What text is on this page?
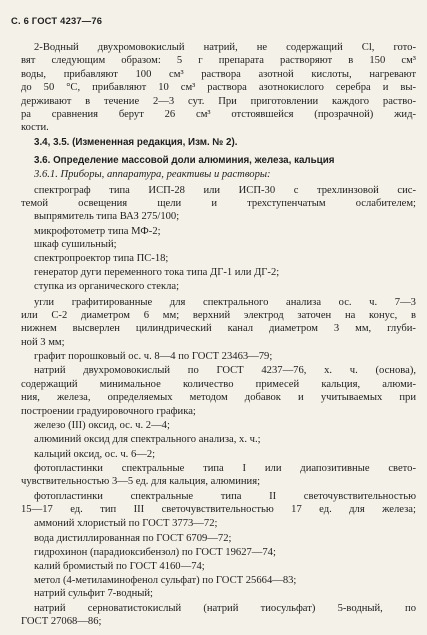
С. 6 ГОСТ 4237—76

2-Водный двухромовокислый натрий, не содержащий Cl, гото-

вят следующим образом: 5 г препарата растворяют в 150 см³

воды, прибавляют 100 см³ раствора азотной кислоты, нагревают

до 50 °С, прибавляют 10 см³ раствора азотнокислого серебра и вы-

держивают в течение 2—3 сут. При приготовлении каждого раство-

ра сравнения берут 26 см³ отстоявшейся (прозрачной) жид-

кости.

3.4, 3.5. (Измененная редакция, Изм. № 2).

3.6. Определение массовой доли алюминия, железа, кальция

3.6.1. Приборы, аппаратура, реактивы и растворы:

спектрограф типа ИСП-28 или ИСП-30 с трехлинзовой сис-

темой освещения щели и трехступенчатым ослабителем;

выпрямитель типа ВАЗ 275/100;

микрофотометр типа МФ-2;

шкаф сушильный;

спектропроектор типа ПС-18;

генератор дуги переменного тока типа ДГ-1 или ДГ-2;

ступка из органического стекла;

угли графитированные для спектрального анализа ос. ч. 7—3

или С-2 диаметром 6 мм; верхний электрод заточен на конус, в

нижнем высверлен цилиндрический канал диаметром 3 мм, глуби-

ной 3 мм;

графит порошковый ос. ч. 8—4 по ГОСТ 23463—79;

натрий двухромовокислый по ГОСТ 4237—76, х. ч. (основа),

содержащий минимальное количество примесей кальция, алюми-

ния, железа, определяемых методом добавок и учитываемых при

построении градуировочного графика;

железо (III) оксид, ос. ч. 2—4;

алюминий оксид для спектрального анализа, х. ч.;

кальций оксид, ос. ч. 6—2;

фотопластинки спектральные типа I или диапозитивные свето-

чувствительностью 3—5 ед. для кальция, алюминия;

фотопластинки спектральные типа II светочувствительностью

15—17 ед. тип III светочувствительностью 17 ед. для железа;

аммоний хлористый по ГОСТ 3773—72;

вода дистиллированная по ГОСТ 6709—72;

гидрохинон (парадиоксибензол) по ГОСТ 19627—74;

калий бромистый по ГОСТ 4160—74;

метол (4-метиламинофенол сульфат) по ГОСТ 25664—83;

натрий сульфит 7-водный;

натрий серноватистокислый (натрий тиосульфат) 5-водный, по

ГОСТ 27068—86;
